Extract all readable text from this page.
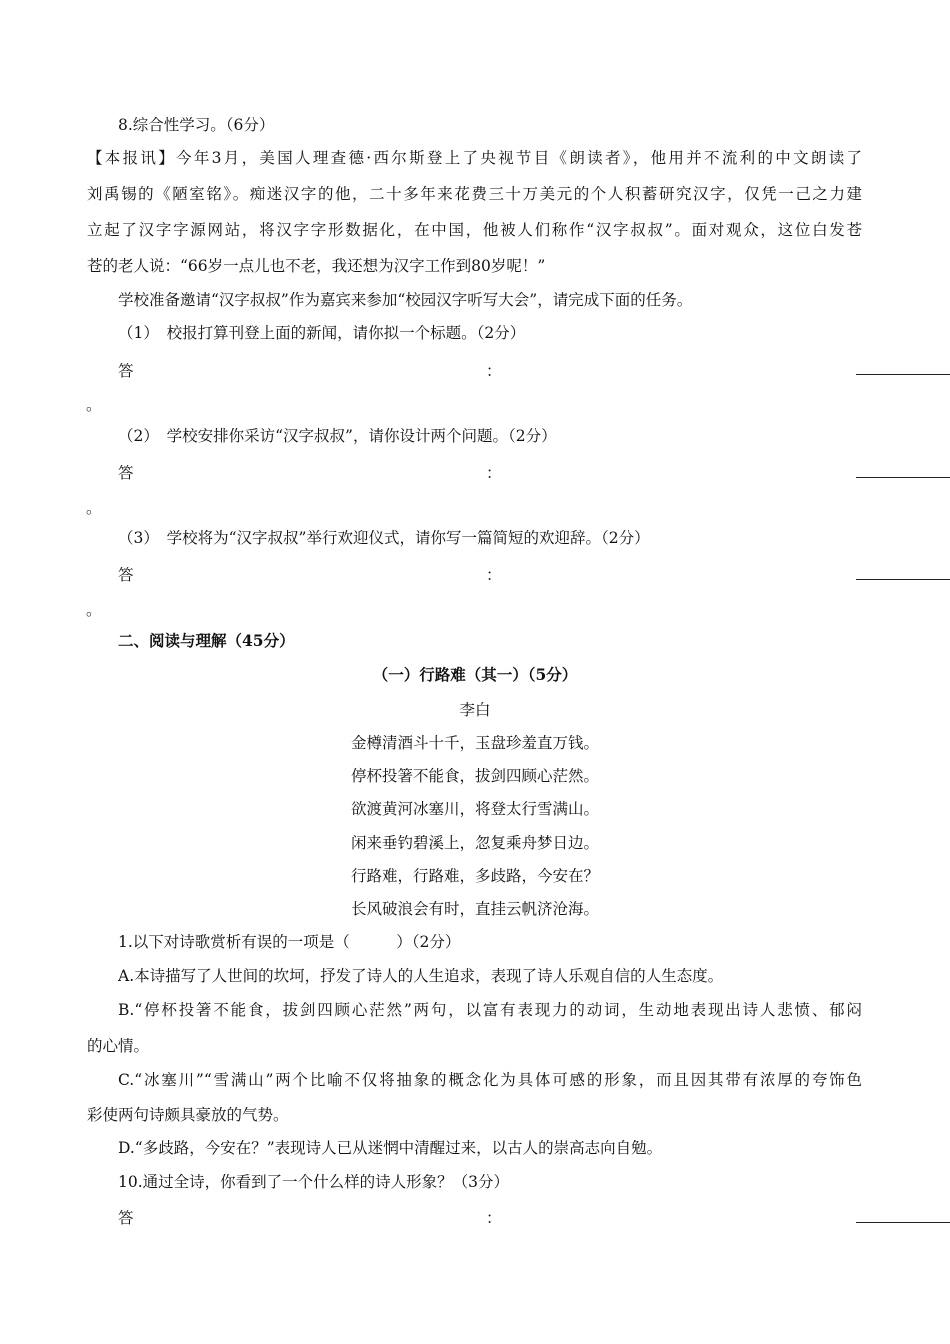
8.综合性学习。（6分）
【本报讯】今年3月，美国人理查德·西尔斯登上了央视节目《朗读者》，他用并不流利的中文朗读了
刘禹锡的《陋室铭》。痴迷汉字的他，二十多年来花费三十万美元的个人积蓄研究汉字，仅凭一己之力建
立起了汉字字源网站，将汉字字形数据化，在中国，他被人们称作“汉字叔叔”。面对观众，这位白发苍
苍的老人说：“66岁一点儿也不老，我还想为汉字工作到80岁呢！”
学校准备邀请“汉字叔叔”作为嘉宾来参加“校园汉字听写大会”，请完成下面的任务。
（1）　校报打算刊登上面的新闻，请你拟一个标题。（2分）
答	：
。
（2）　学校安排你采访“汉字叔叔”，请你设计两个问题。（2分）
答	：
。
（3）　学校将为“汉字叔叔”举行欢迎仪式，请你写一篇简短的欢迎辞。（2分）
答	：
。
二、阅读与理解（45分）
（一）行路难（其一）（5分）
李白
金樽清酒斗十千，玉盘珍羞直万钱。
停杯投箸不能食，拔剑四顾心茫然。
欲渡黄河冰塞川，将登太行雪满山。
闲来垂钓碧溪上，忽复乘舟梦日边。
行路难，行路难，多歧路，今安在？
长风破浪会有时，直挂云帆济沧海。
1.以下对诗歌赏析有误的一项是（　　　）（2分）
A.本诗描写了人世间的坎坷，抒发了诗人的人生追求，表现了诗人乐观自信的人生态度。
B.“停杯投箸不能食，拔剑四顾心茫然”两句，以富有表现力的动词，生动地表现出诗人悲愤、郁闷
的心情。
C.“冰塞川”“雪满山”两个比喻不仅将抽象的概念化为具体可感的形象，而且因其带有浓厚的夸饰色
彩使两句诗颇具豪放的气势。
D.“多歧路，今安在？”表现诗人已从迷惘中清醒过来，以古人的崇高志向自勉。
10.通过全诗，你看到了一个什么样的诗人形象？（3分）
答	：
